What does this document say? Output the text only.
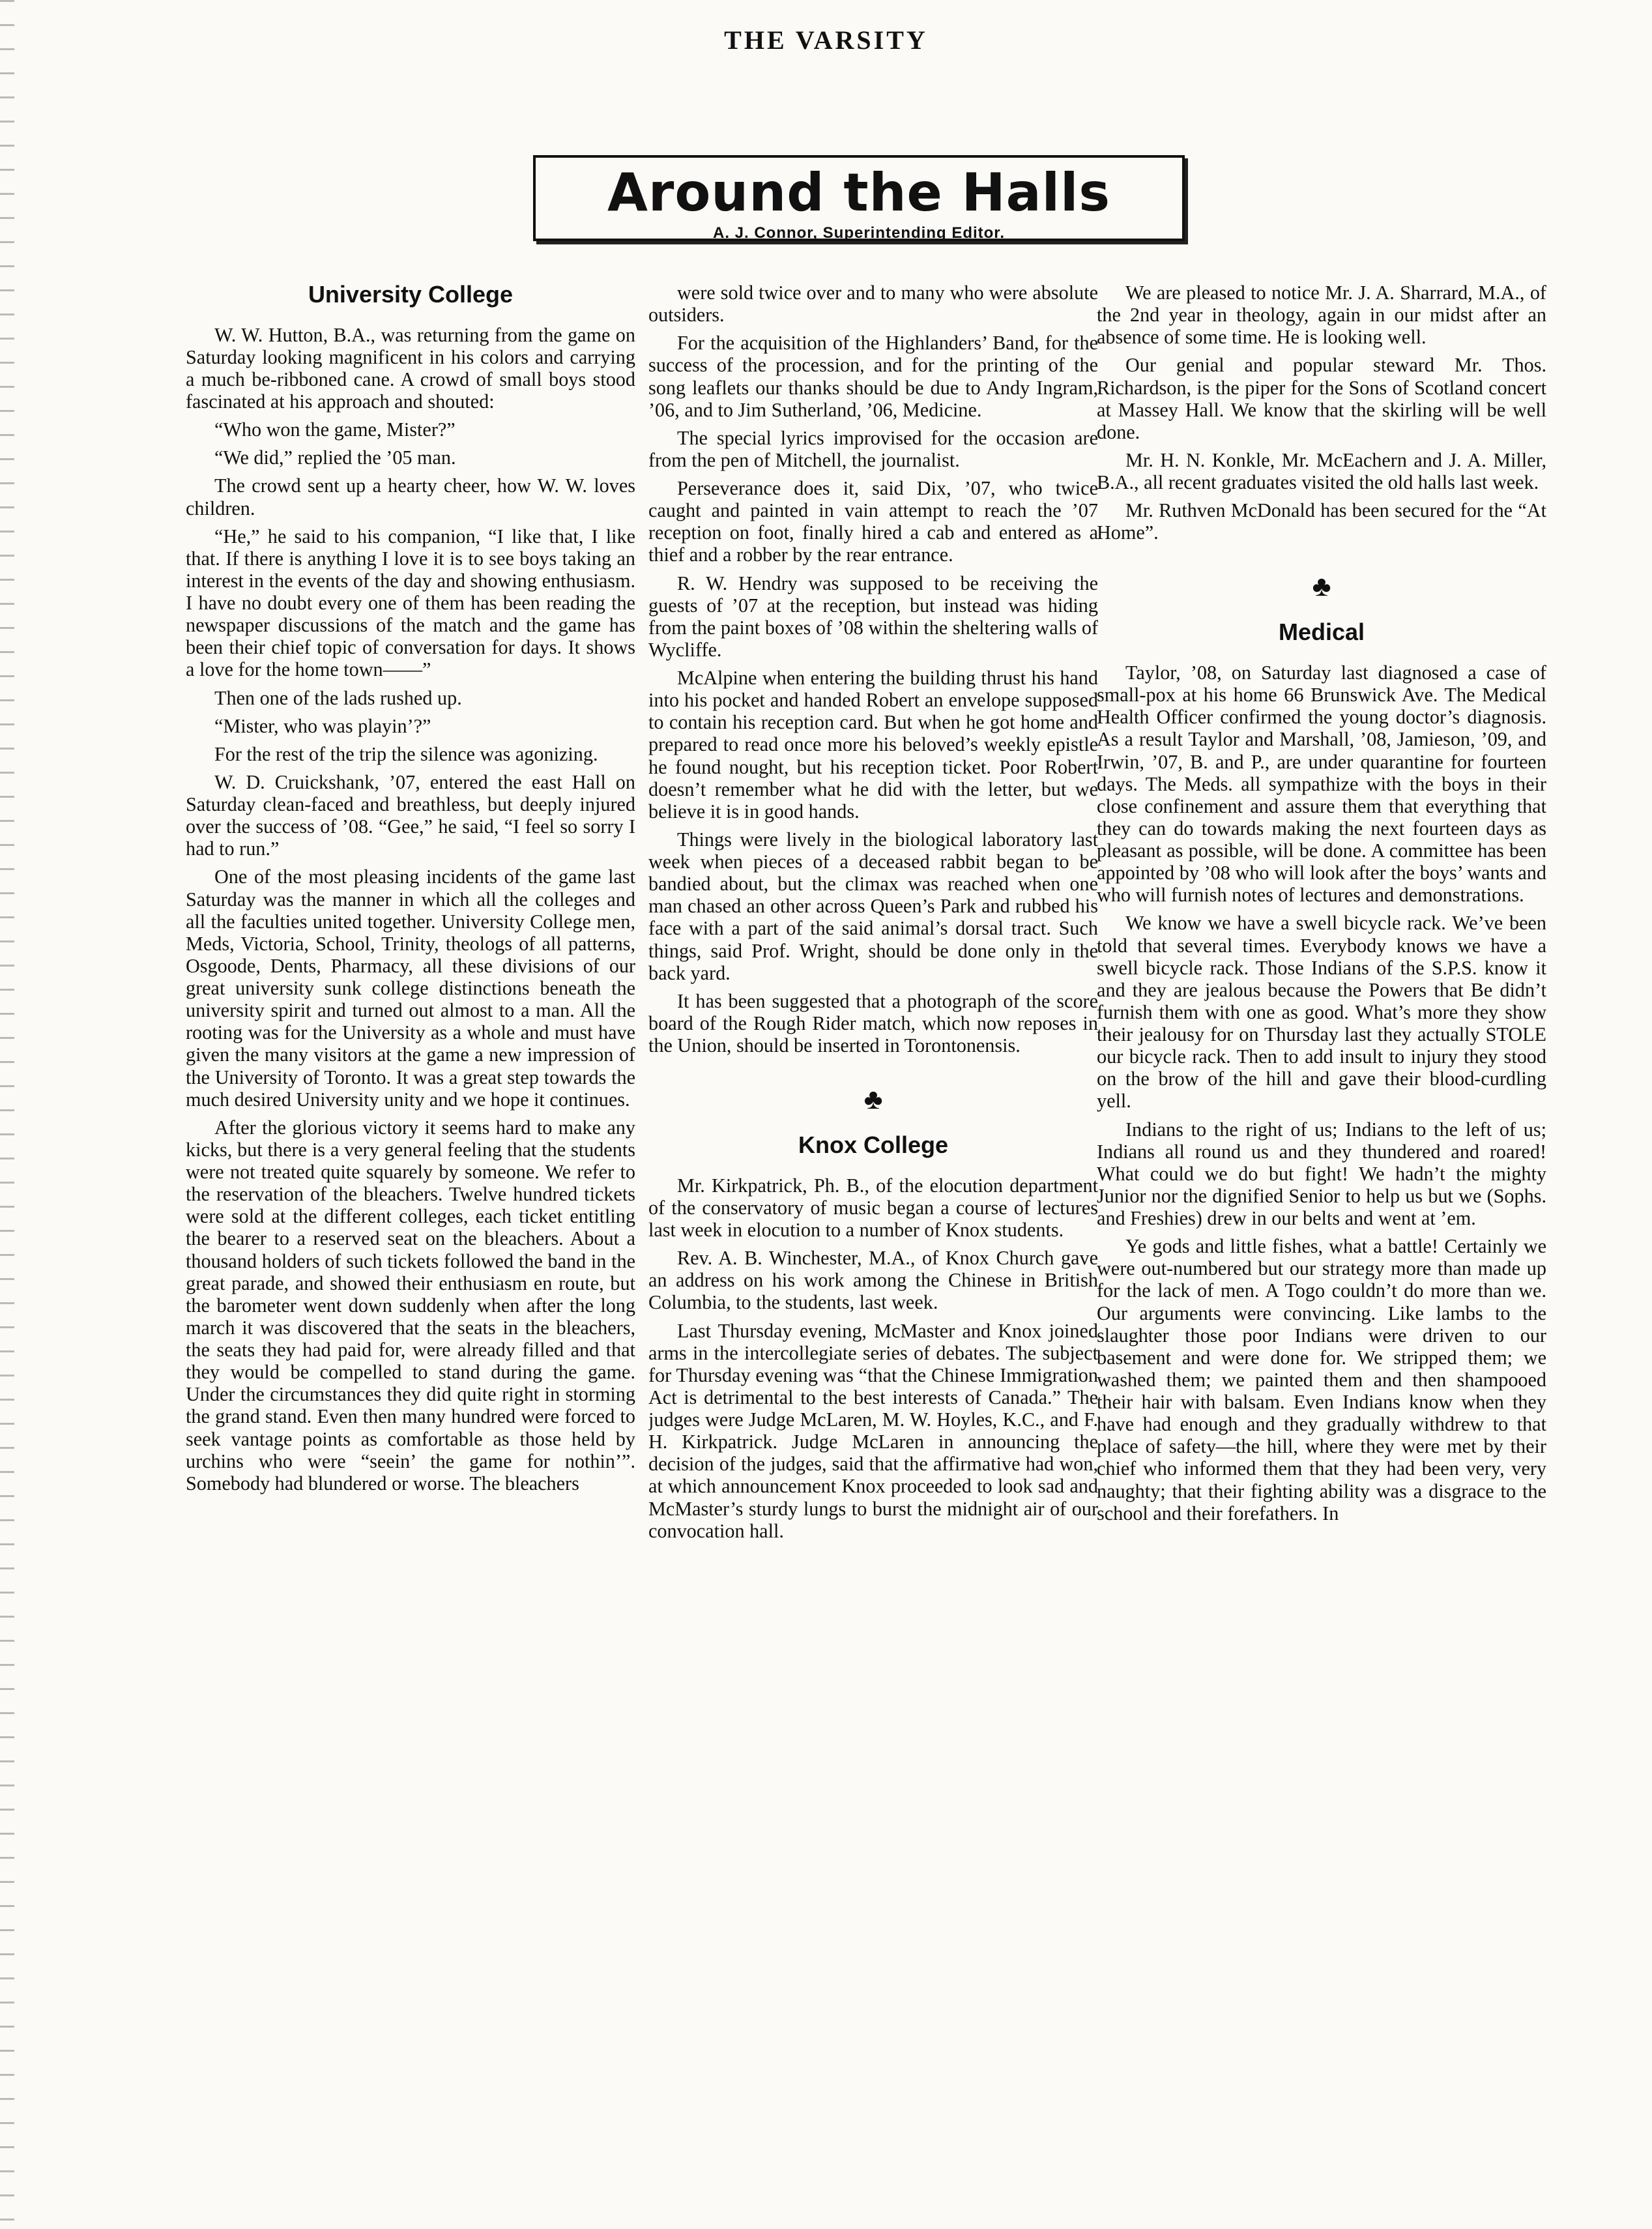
THE VARSITY
Around the Halls
A. J. Connor, Superintending Editor.
University College

W. W. Hutton, B.A., was returning from the game on Saturday looking magnificent in his colors and carrying a much be-ribboned cane. A crowd of small boys stood fascinated at his approach and shouted:

“Who won the game, Mister?”

“We did,” replied the ’05 man.

The crowd sent up a hearty cheer, how W. W. loves children.

“He,” he said to his companion, “I like that, I like that. If there is anything I love it is to see boys taking an interest in the events of the day and showing enthusiasm. I have no doubt every one of them has been reading the newspaper discussions of the match and the game has been their chief topic of conversation for days. It shows a love for the home town——”

Then one of the lads rushed up.

“Mister, who was playin’?”

For the rest of the trip the silence was agonizing.

W. D. Cruickshank, ’07, entered the east Hall on Saturday clean-faced and breathless, but deeply injured over the success of ’08. “Gee,” he said, “I feel so sorry I had to run.”

One of the most pleasing incidents of the game last Saturday was the manner in which all the colleges and all the faculties united together. University College men, Meds, Victoria, School, Trinity, theologs of all patterns, Osgoode, Dents, Pharmacy, all these divisions of our great university sunk college distinctions beneath the university spirit and turned out almost to a man. All the rooting was for the University as a whole and must have given the many visitors at the game a new impression of the University of Toronto. It was a great step towards the much desired University unity and we hope it continues.

After the glorious victory it seems hard to make any kicks, but there is a very general feeling that the students were not treated quite squarely by someone. We refer to the reservation of the bleachers. Twelve hundred tickets were sold at the different colleges, each ticket entitling the bearer to a reserved seat on the bleachers. About a thousand holders of such tickets followed the band in the great parade, and showed their enthusiasm en route, but the barometer went down suddenly when after the long march it was discovered that the seats in the bleachers, the seats they had paid for, were already filled and that they would be compelled to stand during the game. Under the circumstances they did quite right in storming the grand stand. Even then many hundred were forced to seek vantage points as comfortable as those held by urchins who were “seein’ the game for nothin’”. Somebody had blundered or worse. The bleachers

were sold twice over and to many who were absolute outsiders.

For the acquisition of the Highlanders’ Band, for the success of the procession, and for the printing of the song leaflets our thanks should be due to Andy Ingram, ’06, and to Jim Sutherland, ’06, Medicine.

The special lyrics improvised for the occasion are from the pen of Mitchell, the journalist.

Perseverance does it, said Dix, ’07, who twice caught and painted in vain attempt to reach the ’07 reception on foot, finally hired a cab and entered as a thief and a robber by the rear entrance.

R. W. Hendry was supposed to be receiving the guests of ’07 at the reception, but instead was hiding from the paint boxes of ’08 within the sheltering walls of Wycliffe.

McAlpine when entering the building thrust his hand into his pocket and handed Robert an envelope supposed to contain his reception card. But when he got home and prepared to read once more his beloved’s weekly epistle he found nought, but his reception ticket. Poor Robert doesn’t remember what he did with the letter, but we believe it is in good hands.

Things were lively in the biological laboratory last week when pieces of a deceased rabbit began to be bandied about, but the climax was reached when one man chased an other across Queen’s Park and rubbed his face with a part of the said animal’s dorsal tract. Such things, said Prof. Wright, should be done only in the back yard.

It has been suggested that a photograph of the score board of the Rough Rider match, which now reposes in the Union, should be inserted in Torontonensis.

♣
Knox College

Mr. Kirkpatrick, Ph. B., of the elocution department of the conservatory of music began a course of lectures last week in elocution to a number of Knox students.

Rev. A. B. Winchester, M.A., of Knox Church gave an address on his work among the Chinese in British Columbia, to the students, last week.

Last Thursday evening, McMaster and Knox joined arms in the intercollegiate series of debates. The subject for Thursday evening was “that the Chinese Immigration Act is detrimental to the best interests of Canada.” The judges were Judge McLaren, M. W. Hoyles, K.C., and F. H. Kirkpatrick. Judge McLaren in announcing the decision of the judges, said that the affirmative had won, at which announcement Knox proceeded to look sad and McMaster’s sturdy lungs to burst the midnight air of our convocation hall.

We are pleased to notice Mr. J. A. Sharrard, M.A., of the 2nd year in theology, again in our midst after an absence of some time. He is looking well.

Our genial and popular steward Mr. Thos. Richardson, is the piper for the Sons of Scotland concert at Massey Hall. We know that the skirling will be well done.

Mr. H. N. Konkle, Mr. McEachern and J. A. Miller, B.A., all recent graduates visited the old halls last week.

Mr. Ruthven McDonald has been secured for the “At Home”.

♣
Medical

Taylor, ’08, on Saturday last diagnosed a case of small-pox at his home 66 Brunswick Ave. The Medical Health Officer confirmed the young doctor’s diagnosis. As a result Taylor and Marshall, ’08, Jamieson, ’09, and Irwin, ’07, B. and P., are under quarantine for fourteen days. The Meds. all sympathize with the boys in their close confinement and assure them that everything that they can do towards making the next fourteen days as pleasant as possible, will be done. A committee has been appointed by ’08 who will look after the boys’ wants and who will furnish notes of lectures and demonstrations.

We know we have a swell bicycle rack. We’ve been told that several times. Everybody knows we have a swell bicycle rack. Those Indians of the S.P.S. know it and they are jealous because the Powers that Be didn’t furnish them with one as good. What’s more they show their jealousy for on Thursday last they actually STOLE our bicycle rack. Then to add insult to injury they stood on the brow of the hill and gave their blood-curdling yell.

Indians to the right of us; Indians to the left of us; Indians all round us and they thundered and roared! What could we do but fight! We hadn’t the mighty Junior nor the dignified Senior to help us but we (Sophs. and Freshies) drew in our belts and went at ’em.

Ye gods and little fishes, what a battle! Certainly we were out-numbered but our strategy more than made up for the lack of men. A Togo couldn’t do more than we. Our arguments were convincing. Like lambs to the slaughter those poor Indians were driven to our basement and were done for. We stripped them; we washed them; we painted them and then shampooed their hair with balsam. Even Indians know when they have had enough and they gradually withdrew to that place of safety—the hill, where they were met by their chief who informed them that they had been very, very naughty; that their fighting ability was a disgrace to the school and their forefathers. In
